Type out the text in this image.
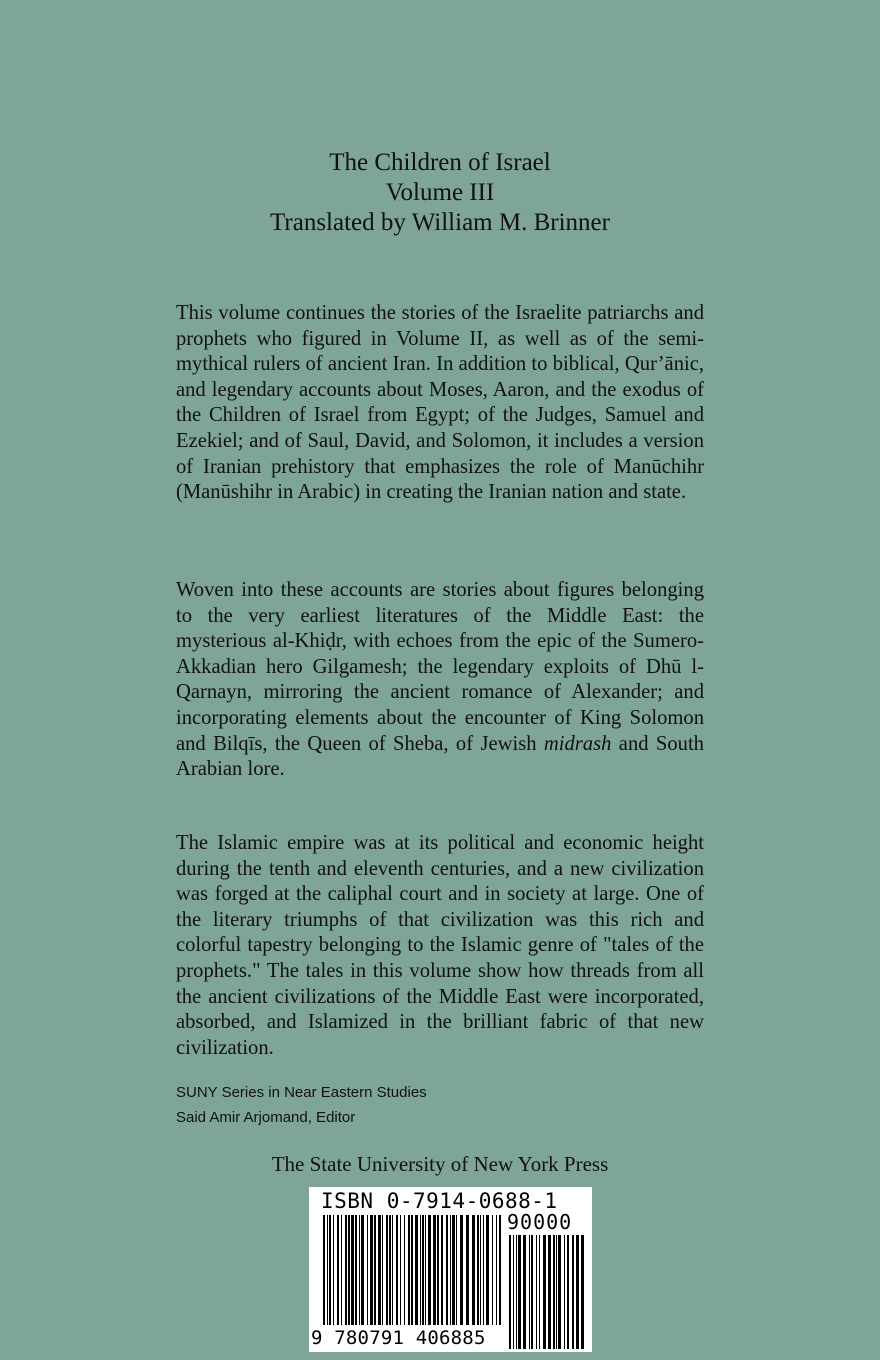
The Children of Israel
Volume III
Translated by William M. Brinner

This volume continues the stories of the Israelite patriarchs and prophets who figured in Volume II, as well as of the semi-mythical rulers of ancient Iran. In addition to biblical, Qur’ānic, and legendary accounts about Moses, Aaron, and the exodus of the Children of Israel from Egypt; of the Judges, Samuel and Ezekiel; and of Saul, David, and Solomon, it includes a version of Iranian prehistory that emphasizes the role of Manūchihr (Manūshihr in Arabic) in creating the Iranian nation and state.

Woven into these accounts are stories about figures belonging to the very earliest literatures of the Middle East: the mysterious al-Khiḍr, with echoes from the epic of the Sumero-Akkadian hero Gilgamesh; the legendary exploits of Dhū l-Qarnayn, mirroring the ancient romance of Alexander; and incorporating elements about the encounter of King Solomon and Bilqīs, the Queen of Sheba, of Jewish midrash and South Arabian lore.

The Islamic empire was at its political and economic height during the tenth and eleventh centuries, and a new civilization was forged at the caliphal court and in society at large. One of the literary triumphs of that civilization was this rich and colorful tapestry belonging to the Islamic genre of "tales of the prophets." The tales in this volume show how threads from all the ancient civilizations of the Middle East were incorporated, absorbed, and Islamized in the brilliant fabric of that new civilization.

SUNY Series in Near Eastern Studies
Said Amir Arjomand, Editor
The State University of New York Press
ISBN 0-7914-0688-1
90000
9 780791 406885
